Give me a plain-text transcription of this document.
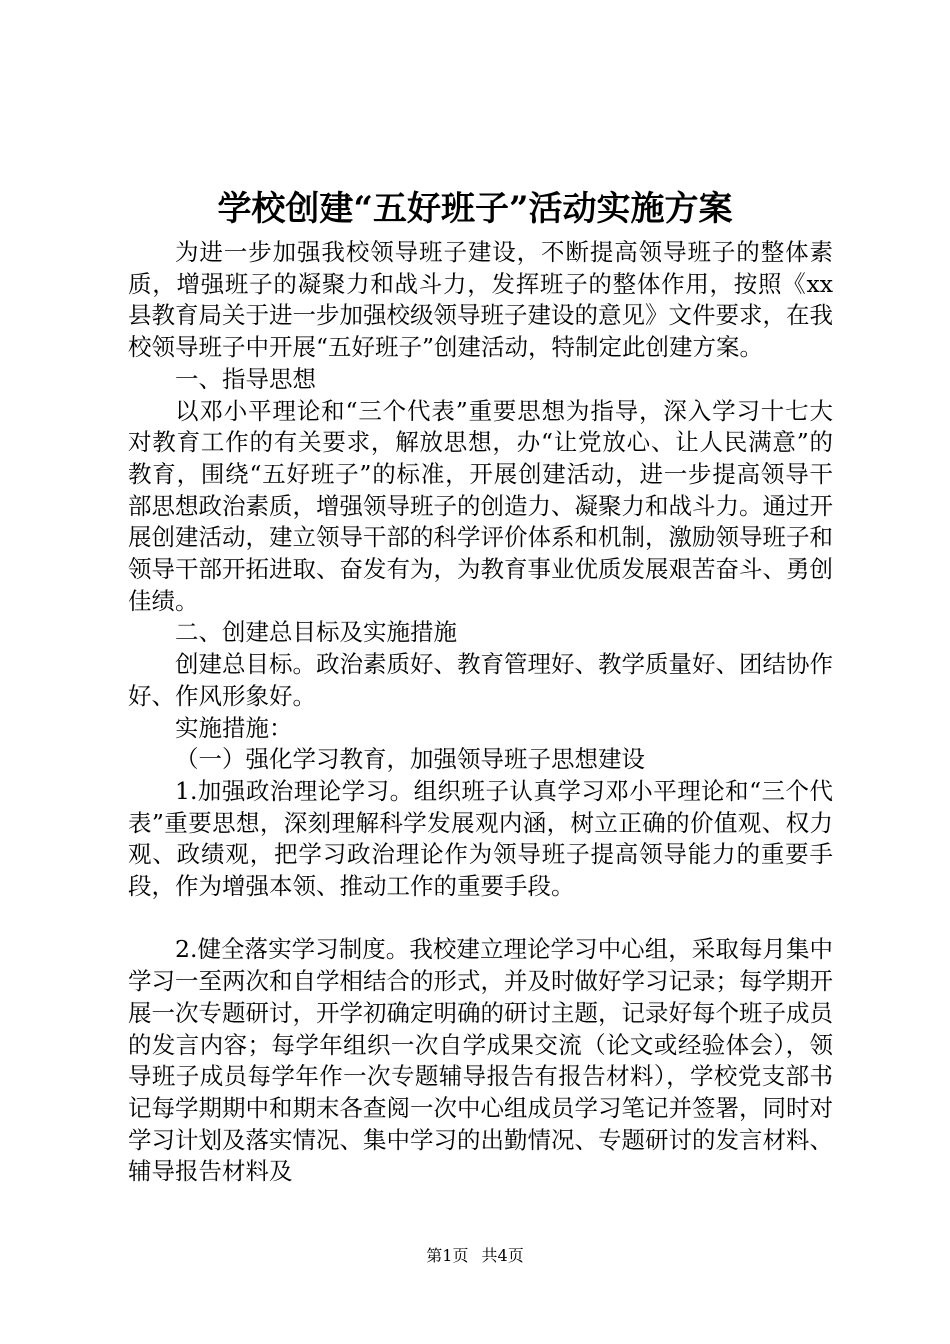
学校创建“五好班子”活动实施方案

为进一步加强我校领导班子建设，不断提高领导班子的整体素质，增强班子的凝聚力和战斗力，发挥班子的整体作用，按照《xx县教育局关于进一步加强校级领导班子建设的意见》文件要求，在我校领导班子中开展“五好班子”创建活动，特制定此创建方案。

一、指导思想

以邓小平理论和“三个代表”重要思想为指导，深入学习十七大对教育工作的有关要求，解放思想，办“让党放心、让人民满意”的教育，围绕“五好班子”的标准，开展创建活动，进一步提高领导干部思想政治素质，增强领导班子的创造力、凝聚力和战斗力。通过开展创建活动，建立领导干部的科学评价体系和机制，激励领导班子和领导干部开拓进取、奋发有为，为教育事业优质发展艰苦奋斗、勇创佳绩。

二、创建总目标及实施措施

创建总目标。政治素质好、教育管理好、教学质量好、团结协作好、作风形象好。

实施措施：

（一）强化学习教育，加强领导班子思想建设

1.加强政治理论学习。组织班子认真学习邓小平理论和“三个代表”重要思想，深刻理解科学发展观内涵，树立正确的价值观、权力观、政绩观，把学习政治理论作为领导班子提高领导能力的重要手段，作为增强本领、推动工作的重要手段。

2.健全落实学习制度。我校建立理论学习中心组，采取每月集中学习一至两次和自学相结合的形式，并及时做好学习记录；每学期开展一次专题研讨，开学初确定明确的研讨主题，记录好每个班子成员的发言内容；每学年组织一次自学成果交流（论文或经验体会），领导班子成员每学年作一次专题辅导报告有报告材料），学校党支部书记每学期期中和期末各查阅一次中心组成员学习笔记并签署，同时对学习计划及落实情况、集中学习的出勤情况、专题研讨的发言材料、辅导报告材料及

第1页 共4页
